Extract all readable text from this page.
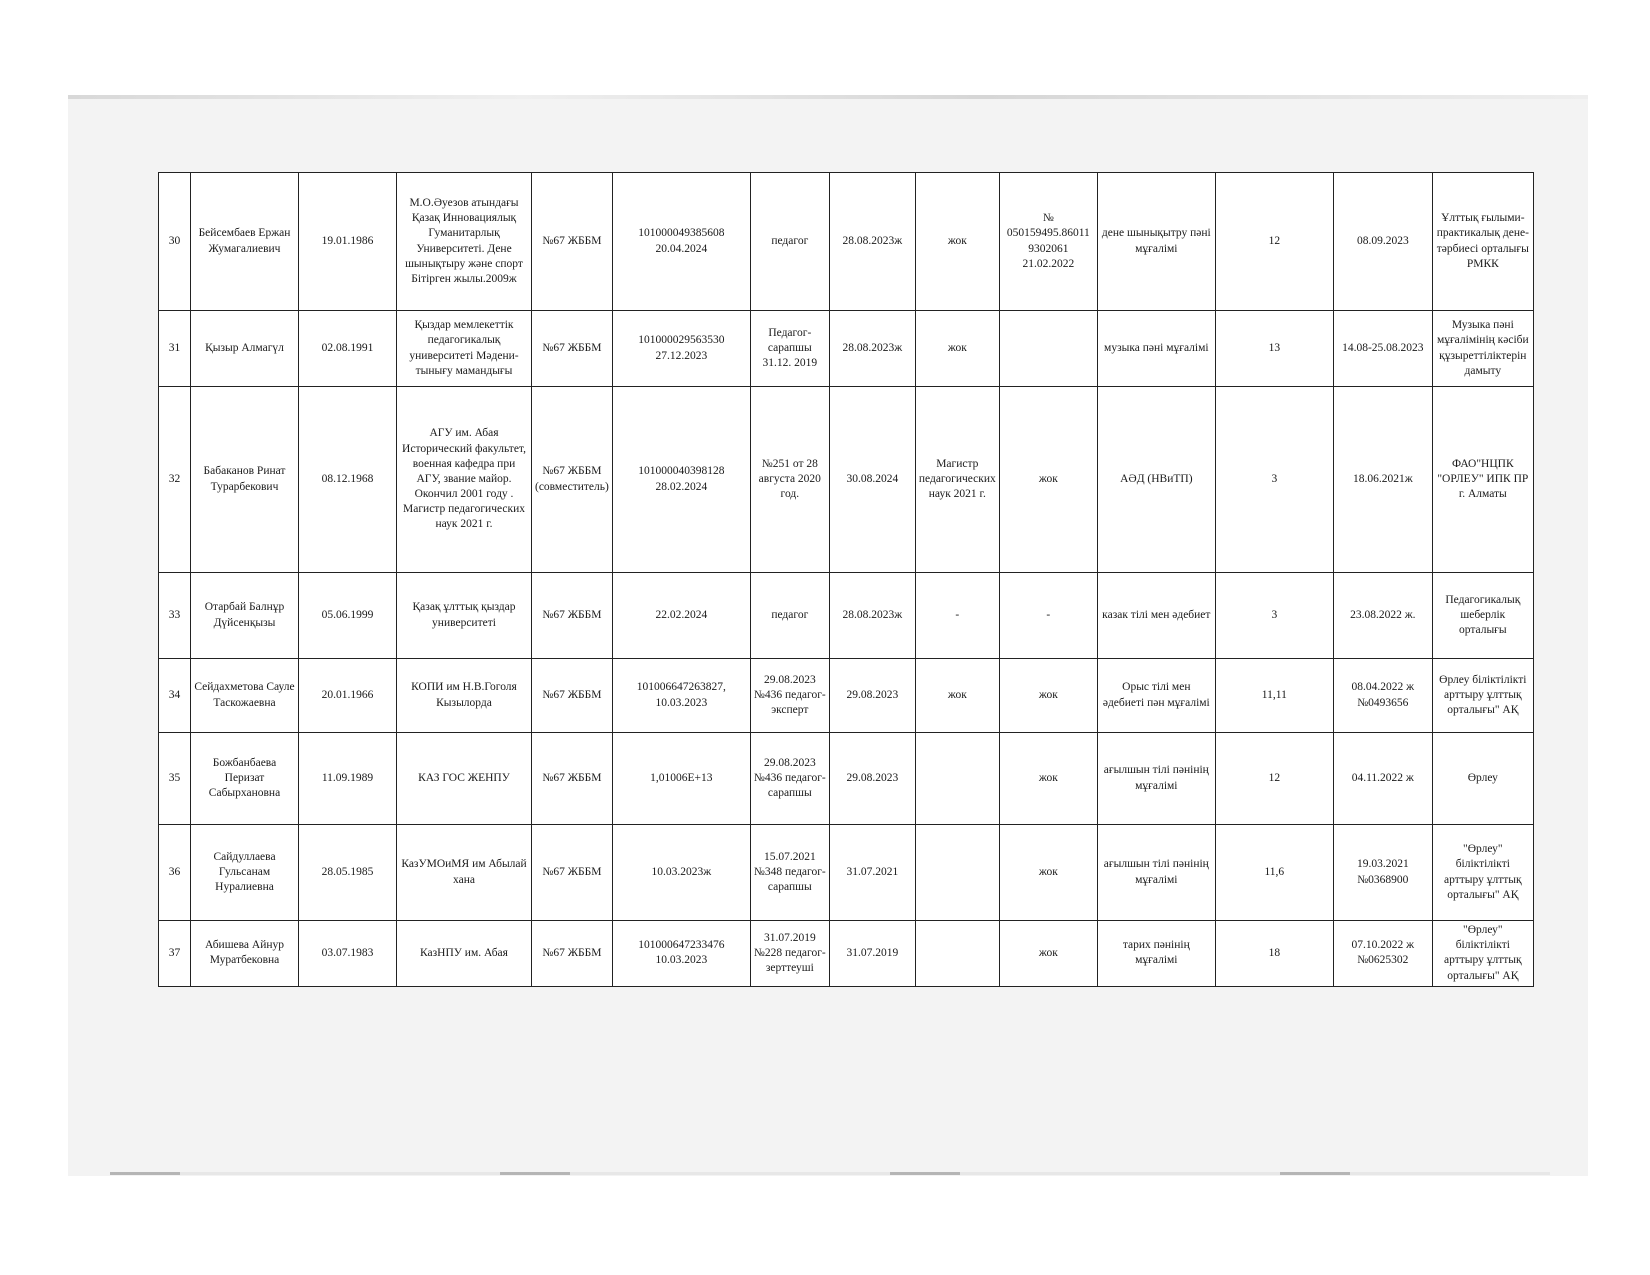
30	Бейсембаев Ержан Жумагалиевич	19.01.1986	М.О.Әуезов атындағы Қазақ Инновациялық Гуманитарлық Университеті. Дене шынықтыру және спорт Бітірген жылы.2009ж	№67 ЖББМ	101000049385608 20.04.2024	педагог	28.08.2023ж	жок	№ 050159495.86011 9302061 21.02.2022	дене шынықытру пәні мұғалімі	12	08.09.2023	Ұлттық ғылыми-практикалық дене-тәрбиесі орталығы РМКК
31	Қызыр Алмагүл	02.08.1991	Қыздар мемлекеттік педагогикалық университеті Мәдени-тынығу мамандығы	№67 ЖББМ	101000029563530 27.12.2023	Педагог-сарапшы 31.12. 2019	28.08.2023ж	жок		музыка пәні мұғалімі	13	14.08-25.08.2023	Музыка пәні мұғалімінің кәсіби құзыреттіліктерін дамыту
32	Бабаканов Ринат Турарбекович	08.12.1968	АГУ им. Абая Исторический факультет, военная кафедра при АГУ, звание майор. Окончил 2001 году . Магистр педагогических наук 2021 г.	№67 ЖББМ (совместитель)	101000040398128 28.02.2024	№251 от 28 августа 2020 год.	30.08.2024	Магистр педагогических наук 2021 г.	жок	АӘД (НВиТП)	3	18.06.2021ж	ФАО"НЦПК "ОРЛЕУ" ИПК ПР г. Алматы
33	Отарбай Балнұр Дүйсенқызы	05.06.1999	Қазақ ұлттық қыздар университеті	№67 ЖББМ	22.02.2024	педагог	28.08.2023ж	-	-	казак тілі мен әдебиет	3	23.08.2022 ж.	Педагогикалық шеберлік орталығы
34	Сейдахметова Сауле Таскожаевна	20.01.1966	КОПИ им Н.В.Гоголя Кызылорда	№67 ЖББМ	101006647263827, 10.03.2023	29.08.2023 №436 педагог-эксперт	29.08.2023	жок	жок	Орыс тілі мен әдебиеті пән мұғалімі	11,11	08.04.2022 ж №0493656	Өрлеу біліктілікті арттыру ұлттық орталығы" АҚ
35	Божбанбаева Перизат Сабырхановна	11.09.1989	КАЗ ГОС ЖЕНПУ	№67 ЖББМ	1,01006E+13	29.08.2023 №436 педагог-сарапшы	29.08.2023		жок	ағылшын тілі пәнінің мұғалімі	12	04.11.2022 ж	Өрлеу
36	Сайдуллаева Гульсанам Нуралиевна	28.05.1985	КазУМОиМЯ им Абылай хана	№67 ЖББМ	10.03.2023ж	15.07.2021 №348 педагог-сарапшы	31.07.2021		жок	ағылшын тілі пәнінің мұғалімі	11,6	19.03.2021 №0368900	"Өрлеу" біліктілікті арттыру ұлттық орталығы" АҚ
37	Абишева Айнур Муратбековна	03.07.1983	КазНПУ им. Абая	№67 ЖББМ	101000647233476 10.03.2023	31.07.2019 №228 педагог-зерттеуші	31.07.2019		жок	тарих пәнінің мұғалімі	18	07.10.2022 ж №0625302	"Өрлеу" біліктілікті арттыру ұлттық орталығы" АҚ
